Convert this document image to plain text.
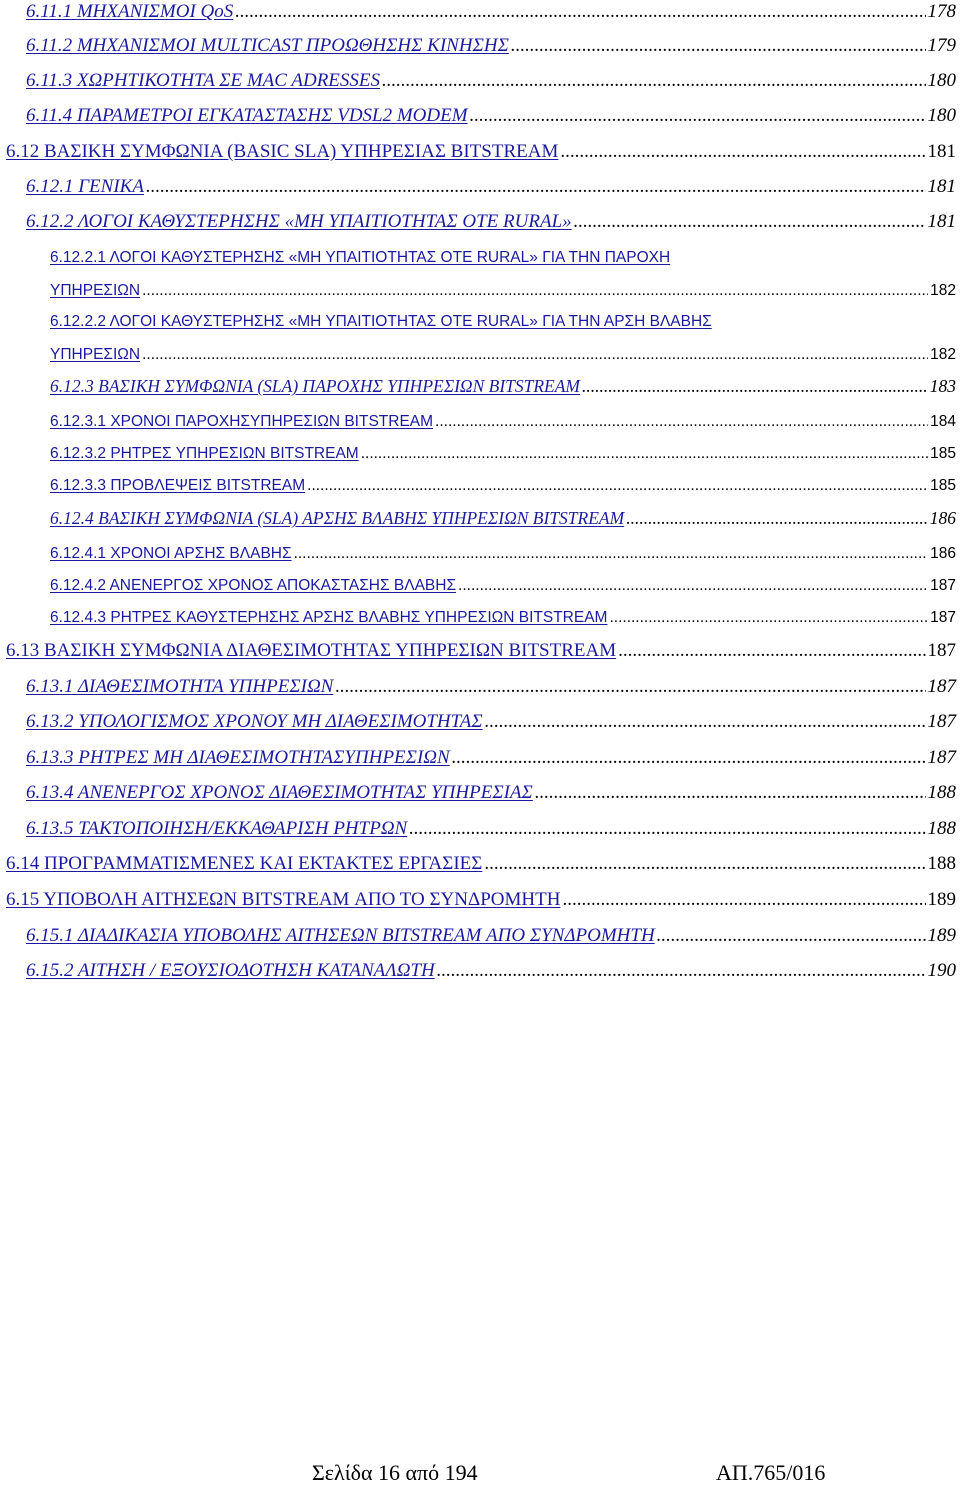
6.11.1 ΜΗΧΑΝΙΣΜΟΙ QoS .....	178
6.11.2 ΜΗΧΑΝΙΣΜΟΙ MULTICAST ΠΡΟΩΘΗΣΗΣ ΚΙΝΗΣΗΣ .....	179
6.11.3 ΧΩΡΗΤΙΚΟΤΗΤΑ ΣΕ MAC ADRESSES .....	180
6.11.4 ΠΑΡΑΜΕΤΡΟΙ ΕΓΚΑΤΑΣΤΑΣΗΣ VDSL2 MODEM .....	180
6.12 ΒΑΣΙΚΗ ΣΥΜΦΩΝΙΑ (BASIC SLA) ΥΠΗΡΕΣΙΑΣ BITSTREAM .....	181
6.12.1 ΓΕΝΙΚΑ .....	181
6.12.2 ΛΟΓΟΙ ΚΑΘΥΣΤΕΡΗΣΗΣ «ΜΗ ΥΠΑΙΤΙΟΤΗΤΑΣ ΟΤΕ RURAL» .....	181
6.12.2.1 ΛΟΓΟΙ ΚΑΘΥΣΤΕΡΗΣΗΣ «ΜΗ ΥΠΑΙΤΙΟΤΗΤΑΣ ΟΤΕ RURAL» ΓΙΑ ΤΗΝ ΠΑΡΟΧΗ
ΥΠΗΡΕΣΙΩΝ .....	182
6.12.2.2 ΛΟΓΟΙ ΚΑΘΥΣΤΕΡΗΣΗΣ «ΜΗ ΥΠΑΙΤΙΟΤΗΤΑΣ ΟΤΕ RURAL» ΓΙΑ ΤΗΝ ΑΡΣΗ ΒΛΑΒΗΣ
ΥΠΗΡΕΣΙΩΝ .....	182
6.12.3 ΒΑΣΙΚΗ ΣΥΜΦΩΝΙΑ (SLA) ΠΑΡΟΧΗΣ ΥΠΗΡΕΣΙΩΝ BITSTREAM .....	183
6.12.3.1 ΧΡΟΝΟΙ ΠΑΡΟΧΗΣΥΠΗΡΕΣΙΩΝ BITSTREAM .....	184
6.12.3.2 ΡΗΤΡΕΣ ΥΠΗΡΕΣΙΩΝ BITSTREAM .....	185
6.12.3.3 ΠΡΟΒΛΕΨΕΙΣ BITSTREAM .....	185
6.12.4 ΒΑΣΙΚΗ ΣΥΜΦΩΝΙΑ (SLA) ΑΡΣΗΣ ΒΛΑΒΗΣ ΥΠΗΡΕΣΙΩΝ BITSTREAM .....	186
6.12.4.1 ΧΡΟΝΟΙ ΑΡΣΗΣ ΒΛΑΒΗΣ .....	186
6.12.4.2 ΑΝΕΝΕΡΓΟΣ ΧΡΟΝΟΣ ΑΠΟΚΑΣΤΑΣΗΣ ΒΛΑΒΗΣ .....	187
6.12.4.3 ΡΗΤΡΕΣ ΚΑΘΥΣΤΕΡΗΣΗΣ ΑΡΣΗΣ ΒΛΑΒΗΣ ΥΠΗΡΕΣΙΩΝ BITSTREAM .....	187
6.13 ΒΑΣΙΚΗ ΣΥΜΦΩΝΙΑ ΔΙΑΘΕΣΙΜΟΤΗΤΑΣ ΥΠΗΡΕΣΙΩΝ BITSTREAM .....	187
6.13.1 ΔΙΑΘΕΣΙΜΟΤΗΤΑ ΥΠΗΡΕΣΙΩΝ .....	187
6.13.2 ΥΠΟΛΟΓΙΣΜΟΣ ΧΡΟΝΟΥ ΜΗ ΔΙΑΘΕΣΙΜΟΤΗΤΑΣ .....	187
6.13.3 ΡΗΤΡΕΣ ΜΗ ΔΙΑΘΕΣΙΜΟΤΗΤΑΣΥΠΗΡΕΣΙΩΝ .....	187
6.13.4 ΑΝΕΝΕΡΓΟΣ ΧΡΟΝΟΣ ΔΙΑΘΕΣΙΜΟΤΗΤΑΣ ΥΠΗΡΕΣΙΑΣ .....	188
6.13.5 ΤΑΚΤΟΠΟΙΗΣΗ/ΕΚΚΑΘΑΡΙΣΗ ΡΗΤΡΩΝ .....	188
6.14 ΠΡΟΓΡΑΜΜΑΤΙΣΜΕΝΕΣ ΚΑΙ ΕΚΤΑΚΤΕΣ ΕΡΓΑΣΙΕΣ .....	188
6.15 ΥΠΟΒΟΛΗ ΑΙΤΗΣΕΩΝ BITSTREAM ΑΠΟ ΤΟ ΣΥΝΔΡΟΜΗΤΗ .....	189
6.15.1 ΔΙΑΔΙΚΑΣΙΑ ΥΠΟΒΟΛΗΣ ΑΙΤΗΣΕΩΝ BITSTREAM ΑΠΟ ΣΥΝΔΡΟΜΗΤΗ .....	189
6.15.2 ΑΙΤΗΣΗ / ΕΞΟΥΣΙΟΔΟΤΗΣΗ ΚΑΤΑΝΑΛΩΤΗ .....	190
Σελίδα 16 από 194	ΑΠ.765/016
